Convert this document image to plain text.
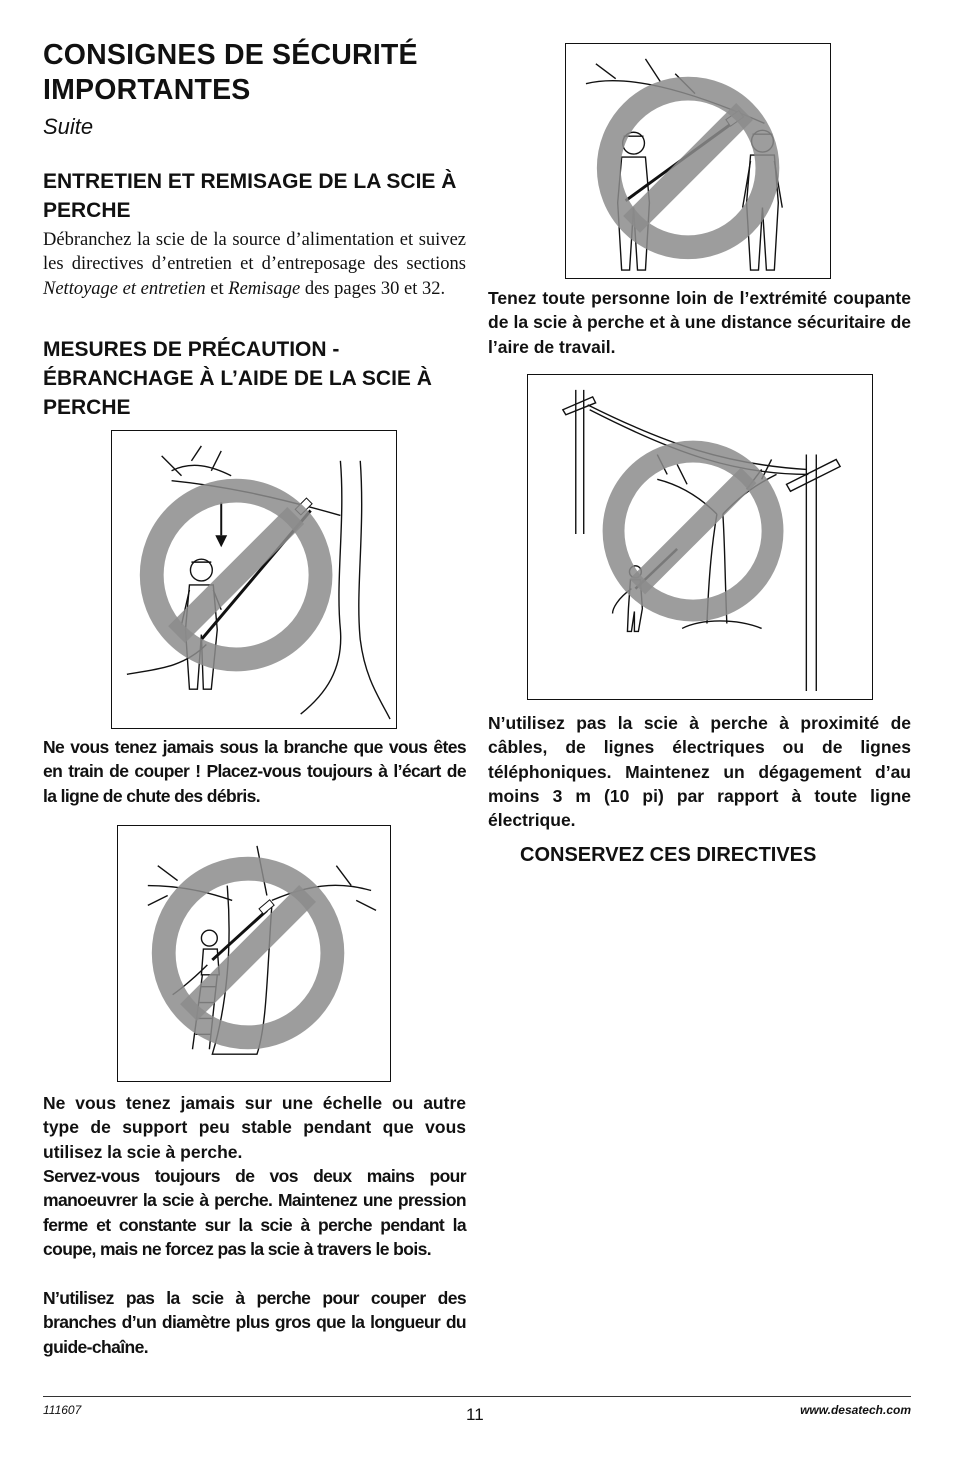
CONSIGNES DE SÉCURITÉ IMPORTANTES
Suite
ENTRETIEN ET REMISAGE DE LA SCIE À PERCHE
Débranchez la scie de la source d’alimentation et suivez les directives d’entretien et d’entreposage des sections Nettoyage et entretien et Remisage des pages 30 et 32.
MESURES DE PRÉCAUTION - ÉBRANCHAGE À L’AIDE DE LA SCIE À PERCHE
Ne vous tenez jamais sous la branche que vous êtes en train de couper ! Placez-vous toujours à l’écart de la ligne de chute des débris.
Ne vous tenez jamais sur une échelle ou autre type de support peu stable pendant que vous utilisez la scie à perche.
Servez-vous toujours de vos deux mains pour manoeuvrer la scie à perche. Maintenez une pression ferme et constante sur la scie à perche pendant la coupe, mais ne forcez pas la scie à travers le bois.
N’utilisez pas la scie à perche pour couper des branches d’un diamètre plus gros que la longueur du guide-chaîne.
Tenez toute personne loin de l’extrémité coupante de la scie à perche et à une distance sécuritaire de l’aire de travail.
N’utilisez pas la scie à perche à proximité de câbles, de lignes électriques ou de lignes téléphoniques. Maintenez un dégagement d’au moins 3 m (10 pi) par rapport à toute ligne électrique.
CONSERVEZ CES DIRECTIVES
111607	11	www.desatech.com
